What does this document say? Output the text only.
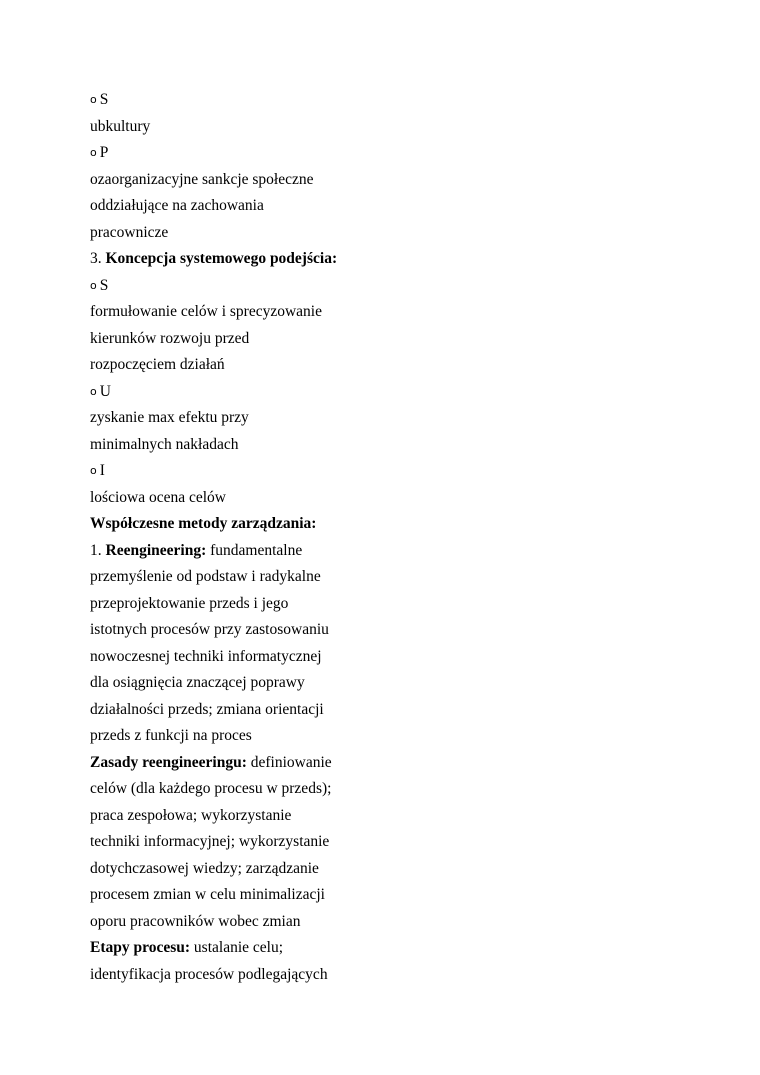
o S
ubkultury
o P
ozaorganizacyjne sankcje społeczne
oddziałujące na zachowania
pracownicze
3. Koncepcja systemowego podejścia:
o S
formułowanie celów i sprecyzowanie
kierunków rozwoju przed
rozpoczęciem działań
o U
zyskanie max efektu przy
minimalnych nakładach
o I
lościowa ocena celów
Współczesne metody zarządzania:
1. Reengineering: fundamentalne
przemyślenie od podstaw i radykalne
przeprojektowanie przeds i jego
istotnych procesów przy zastosowaniu
nowoczesnej techniki informatycznej
dla osiągnięcia znaczącej poprawy
działalności przeds; zmiana orientacji
przeds z funkcji na proces
Zasady reengineeringu: definiowanie
celów (dla każdego procesu w przeds);
praca zespołowa; wykorzystanie
techniki informacyjnej; wykorzystanie
dotychczasowej wiedzy; zarządzanie
procesem zmian w celu minimalizacji
oporu pracowników wobec zmian
Etapy procesu: ustalanie celu;
identyfikacja procesów podlegających
